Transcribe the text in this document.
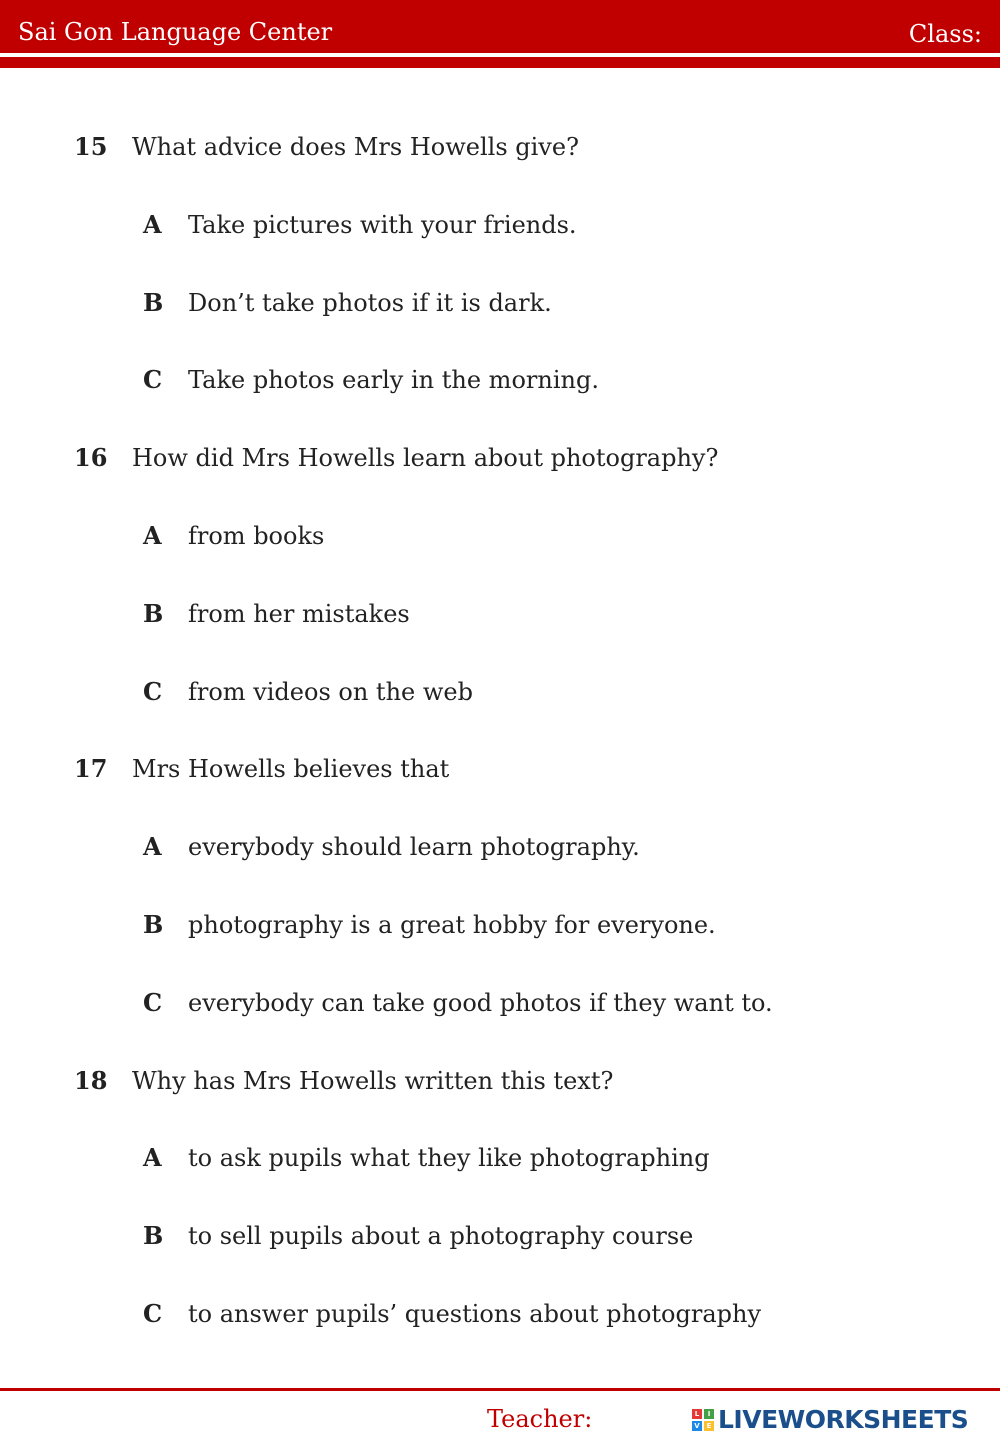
Sai Gon Language Center	Class:
15	What advice does Mrs Howells give?
A	Take pictures with your friends.
B	Don’t take photos if it is dark.
C	Take photos early in the morning.
16	How did Mrs Howells learn about photography?
A	from books
B	from her mistakes
C	from videos on the web
17	Mrs Howells believes that
A	everybody should learn photography.
B	photography is a great hobby for everyone.
C	everybody can take good photos if they want to.
18	Why has Mrs Howells written this text?
A	to ask pupils what they like photographing
B	to sell pupils about a photography course
C	to answer pupils’ questions about photography
Teacher:	L	I
V E LIVEWORKSHEETS
